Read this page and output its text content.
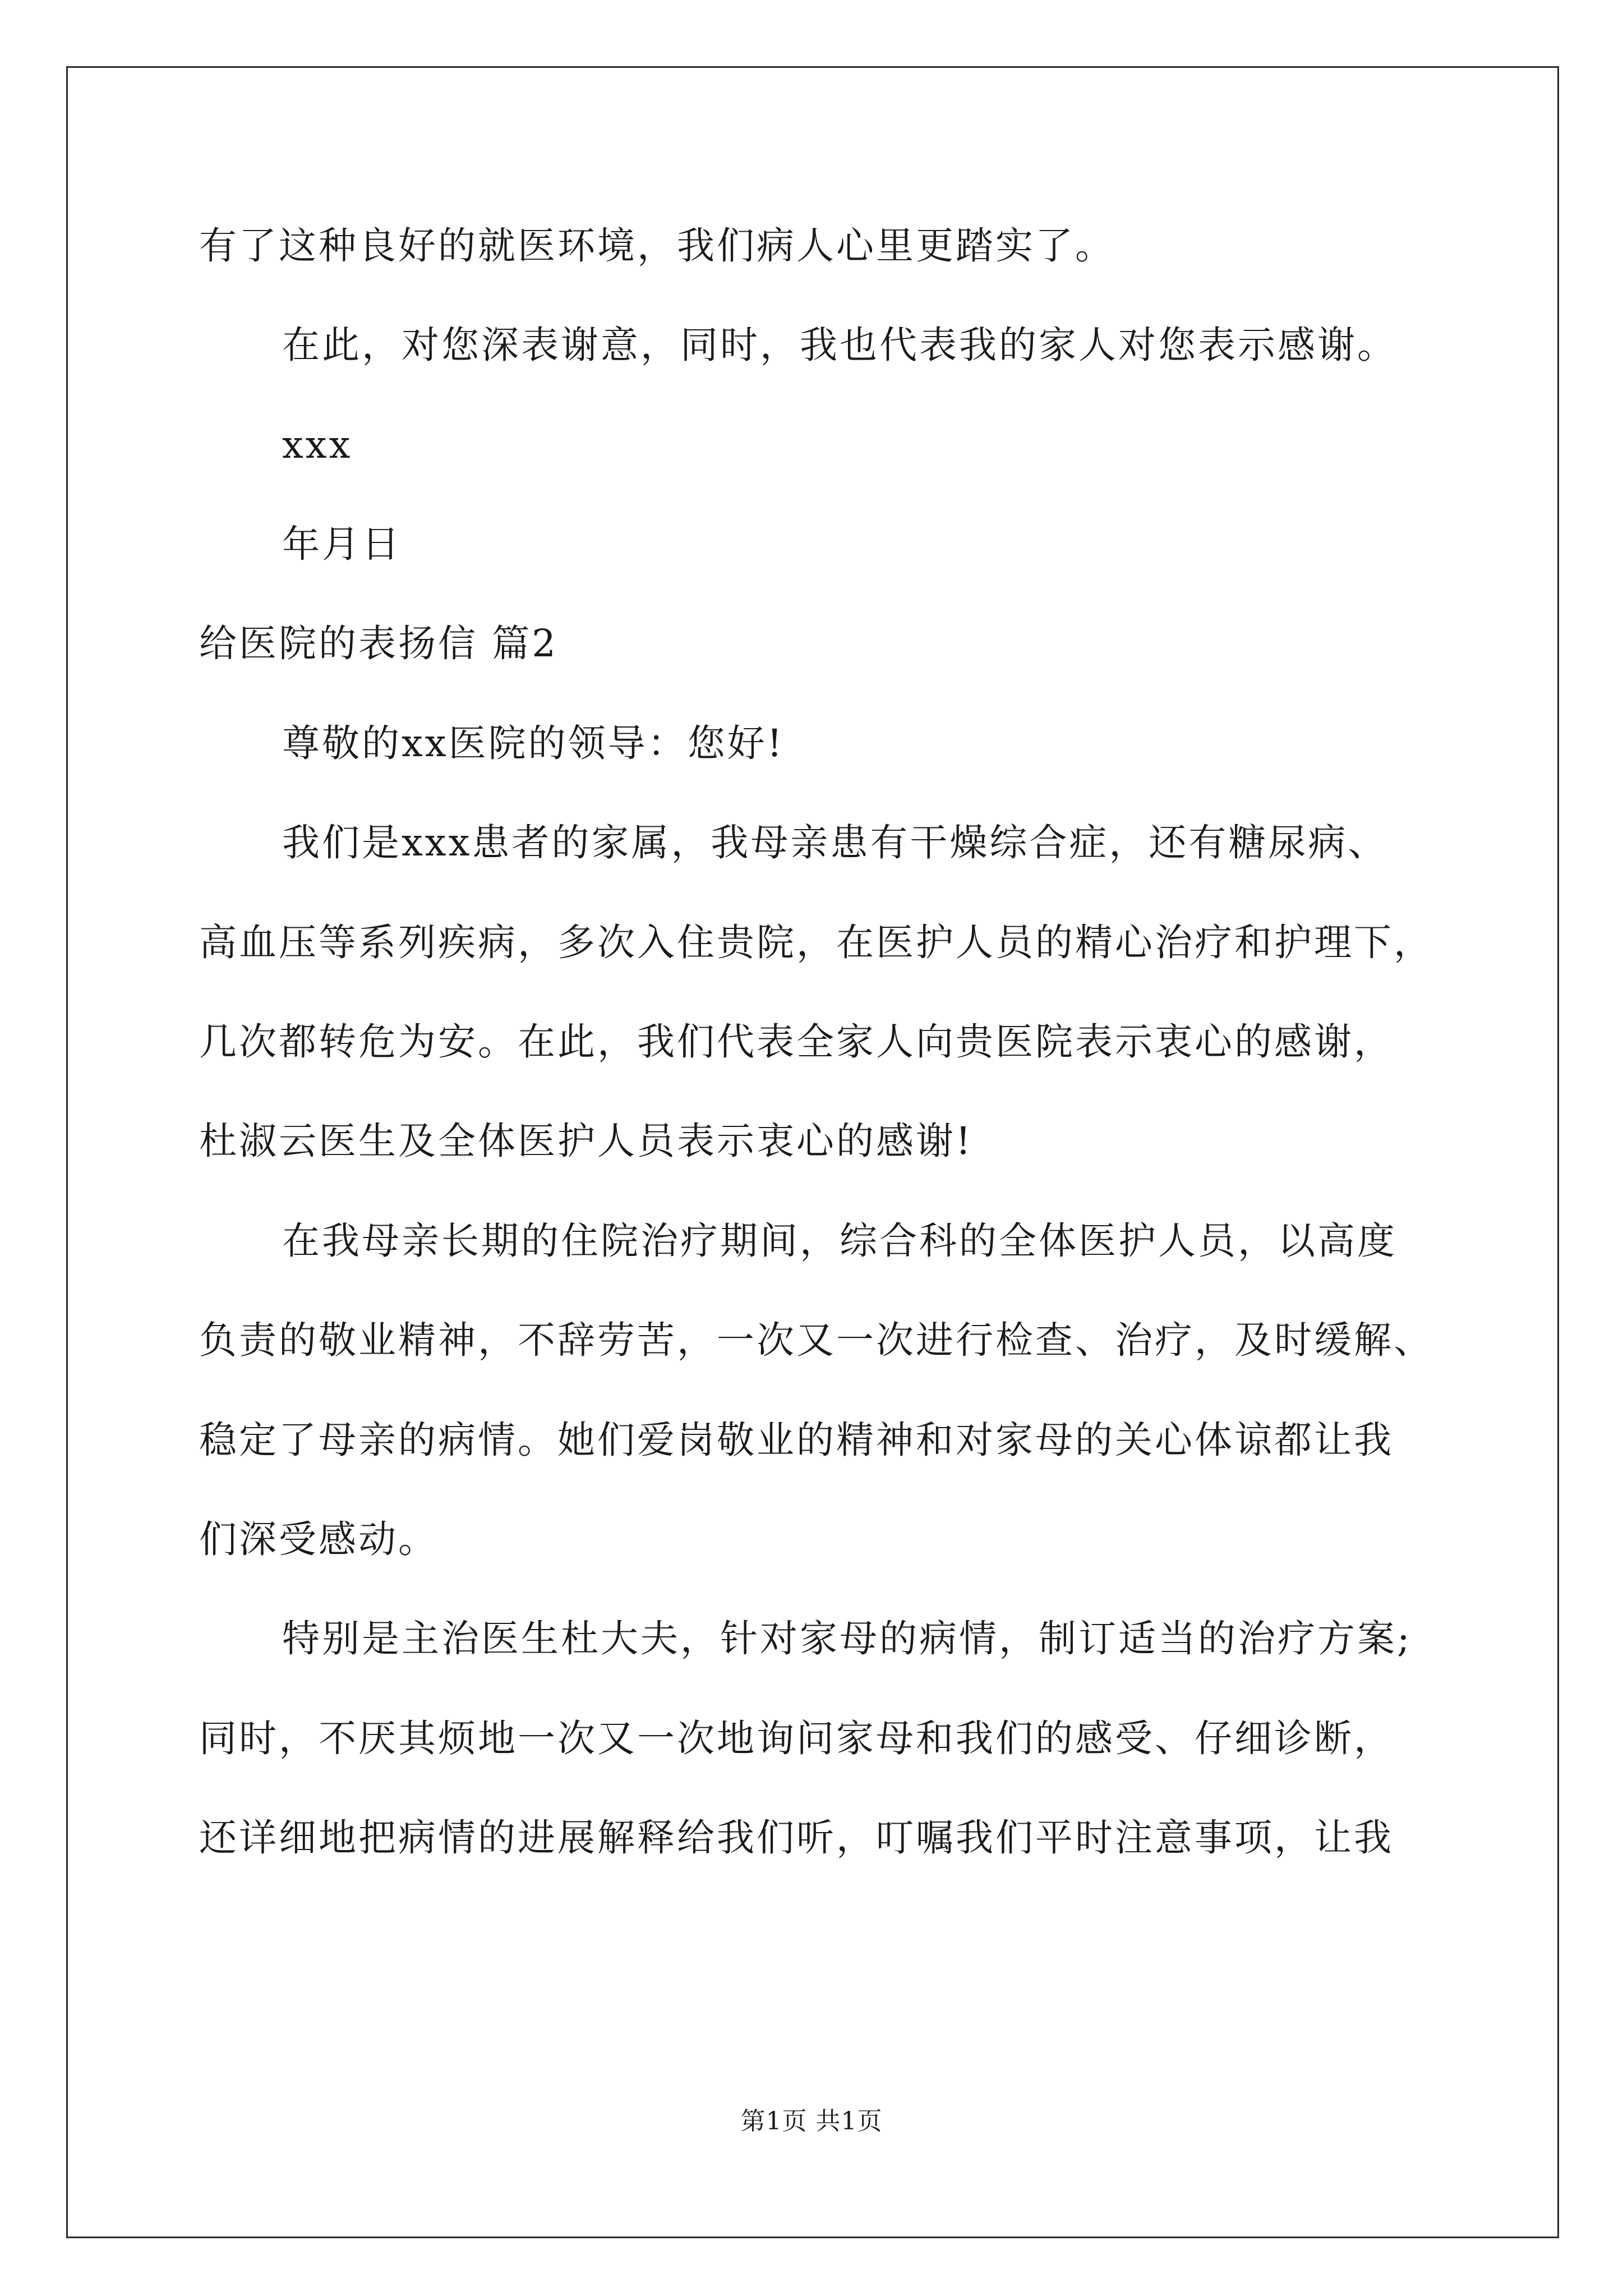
有了这种良好的就医环境，我们病人心里更踏实了。
在此，对您深表谢意，同时，我也代表我的家人对您表示感谢。
xxx
年月日
给医院的表扬信 篇2
尊敬的xx医院的领导：您好!
我们是xxx患者的家属，我母亲患有干燥综合症，还有糖尿病、
高血压等系列疾病，多次入住贵院，在医护人员的精心治疗和护理下，
几次都转危为安。在此，我们代表全家人向贵医院表示衷心的感谢，
杜淑云医生及全体医护人员表示衷心的感谢!
在我母亲长期的住院治疗期间，综合科的全体医护人员，以高度
负责的敬业精神，不辞劳苦，一次又一次进行检查、治疗，及时缓解、
稳定了母亲的病情。她们爱岗敬业的精神和对家母的关心体谅都让我
们深受感动。
特别是主治医生杜大夫，针对家母的病情，制订适当的治疗方案;
同时，不厌其烦地一次又一次地询问家母和我们的感受、仔细诊断，
还详细地把病情的进展解释给我们听，叮嘱我们平时注意事项，让我
第1页 共1页
